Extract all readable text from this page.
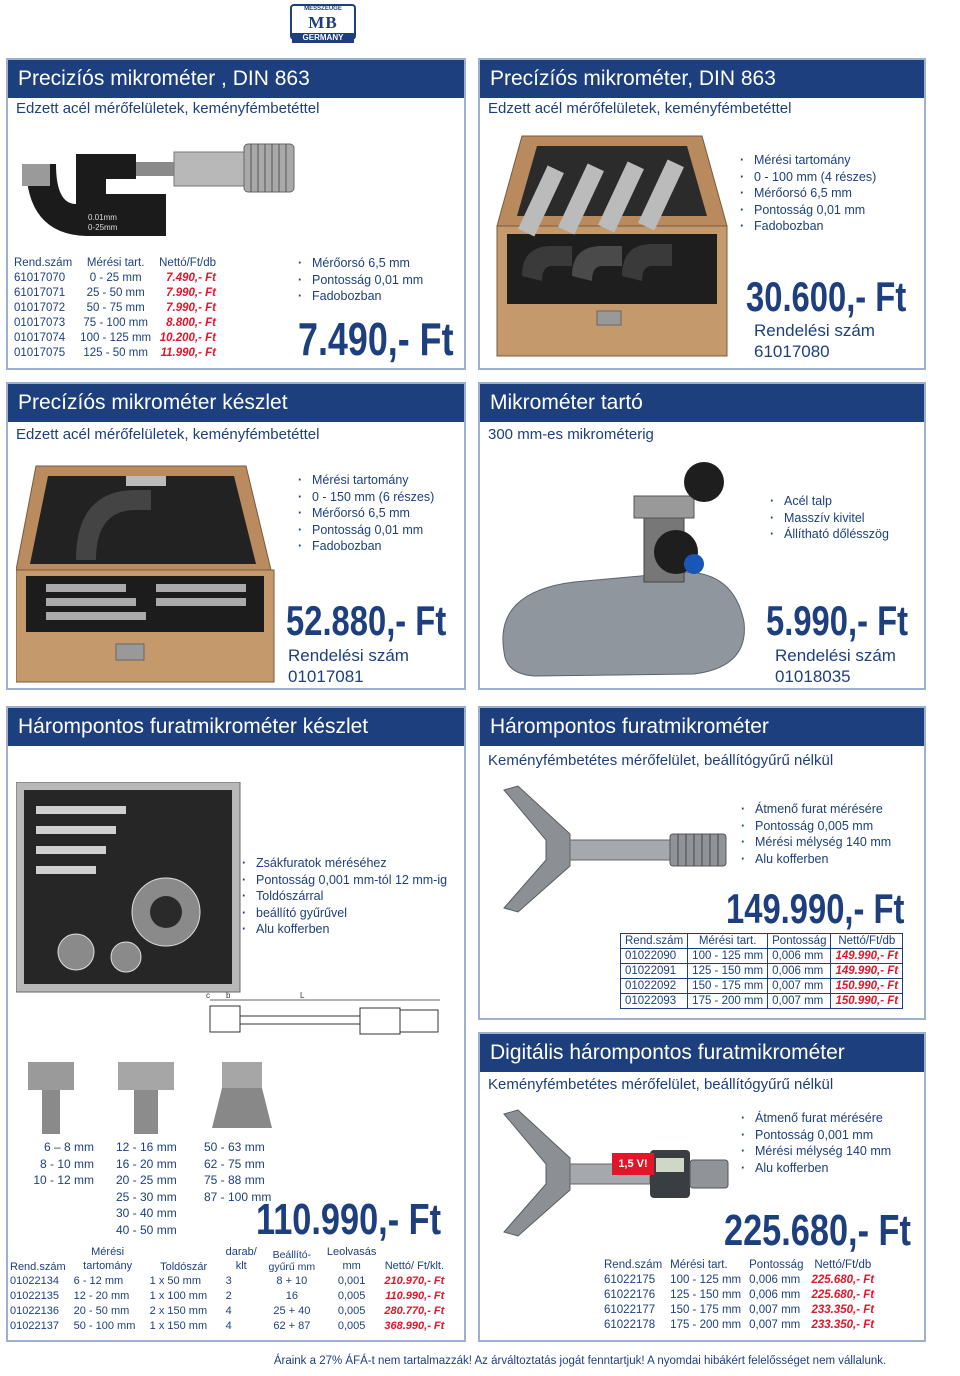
MESSZEUGE
MB
GERMANY
Precizíós mikrométer , DIN 863
Edzett acél mérőfelületek, keményfémbetéttel
0.01mm
0-25mm
Rend.szám	Mérési tart.	Nettó/Ft/db
61017070	0 - 25 mm	7.490,- Ft
61017071	25 - 50 mm	7.990,- Ft
01017072	50 - 75 mm	7.990,- Ft
01017073	75 - 100 mm	8.800,- Ft
01017074	100 - 125 mm	10.200,- Ft
01017075	125 - 50 mm	11.990,- Ft
· Mérőorsó 6,5 mm
· Pontosság 0,01 mm
· Fadobozban
7.490,- Ft
Precízíós mikrométer, DIN 863
Edzett acél mérőfelületek, keményfémbetéttel
· Mérési tartomány
· 0 - 100 mm (4 részes)
· Mérőorsó 6,5 mm
· Pontosság 0,01 mm
· Fadobozban
30.600,- Ft
Rendelési szám
61017080
Precízíós mikrométer készlet
Edzett acél mérőfelületek, keményfémbetéttel
· Mérési tartomány
· 0 - 150 mm (6 részes)
· Mérőorsó 6,5 mm
· Pontosság 0,01 mm
· Fadobozban
52.880,- Ft
Rendelési szám
01017081
Mikrométer tartó
300 mm-es mikrométerig
· Acél talp
· Masszív kivitel
· Állítható dőlésszög
5.990,- Ft
Rendelési szám
01018035
Hárompontos furatmikrométer készlet
· Zsákfuratok méréséhez
· Pontosság 0,001 mm-tól 12 mm-ig
· Toldószárral
· beállító gyűrűvel
· Alu kofferben
c b	L
6 – 8 mm
8 - 10 mm
10 - 12 mm
12 - 16 mm
16 - 20 mm
20 - 25 mm
25 - 30 mm
30 - 40 mm
40 - 50 mm
50 - 63 mm
62 - 75 mm
75 - 88 mm
87 - 100 mm
110.990,- Ft
Rend.szám	Mérési tartomány	Toldószár	darab/ klt	Beállító-gyűrű mm	Leolvasás mm	Nettó/ Ft/klt.
01022134	6 - 12 mm	1 x 50 mm	3	8 + 10	0,001	210.970,- Ft
01022135	12 - 20 mm	1 x 100 mm	2	16	0,005	110.990,- Ft
01022136	20 - 50 mm	2 x 150 mm	4	25 + 40	0,005	280.770,- Ft
01022137	50 - 100 mm	1 x 150 mm	4	62 + 87	0,005	368.990,- Ft
Hárompontos furatmikrométer
Keményfémbetétes mérőfelület, beállítógyűrű nélkül
· Átmenő furat mérésére
· Pontosság 0,005 mm
· Mérési mélység 140 mm
· Alu kofferben
149.990,- Ft
Rend.szám	Mérési tart.	Pontosság	Nettó/Ft/db
01022090	100 - 125 mm	0,006 mm	149.990,- Ft
01022091	125 - 150 mm	0,006 mm	149.990,- Ft
01022092	150 - 175 mm	0,007 mm	150.990,- Ft
01022093	175 - 200 mm	0,007 mm	150.990,- Ft
Digitális hárompontos furatmikrométer
Keményfémbetétes mérőfelület, beállítógyűrű nélkül
1,5 V!
· Átmenő furat mérésére
· Pontosság 0,001 mm
· Mérési mélység 140 mm
· Alu kofferben
225.680,- Ft
Rend.szám	Mérési tart.	Pontosság	Nettó/Ft/db
61022175	100 - 125 mm	0,006 mm	225.680,- Ft
61022176	125 - 150 mm	0,006 mm	225.680,- Ft
61022177	150 - 175 mm	0,007 mm	233.350,- Ft
61022178	175 - 200 mm	0,007 mm	233.350,- Ft
Áraink a 27% ÁFÁ-t nem tartalmazzák! Az árváltoztatás jogát fenntartjuk! A nyomdai hibákért felelősséget nem vállalunk.
